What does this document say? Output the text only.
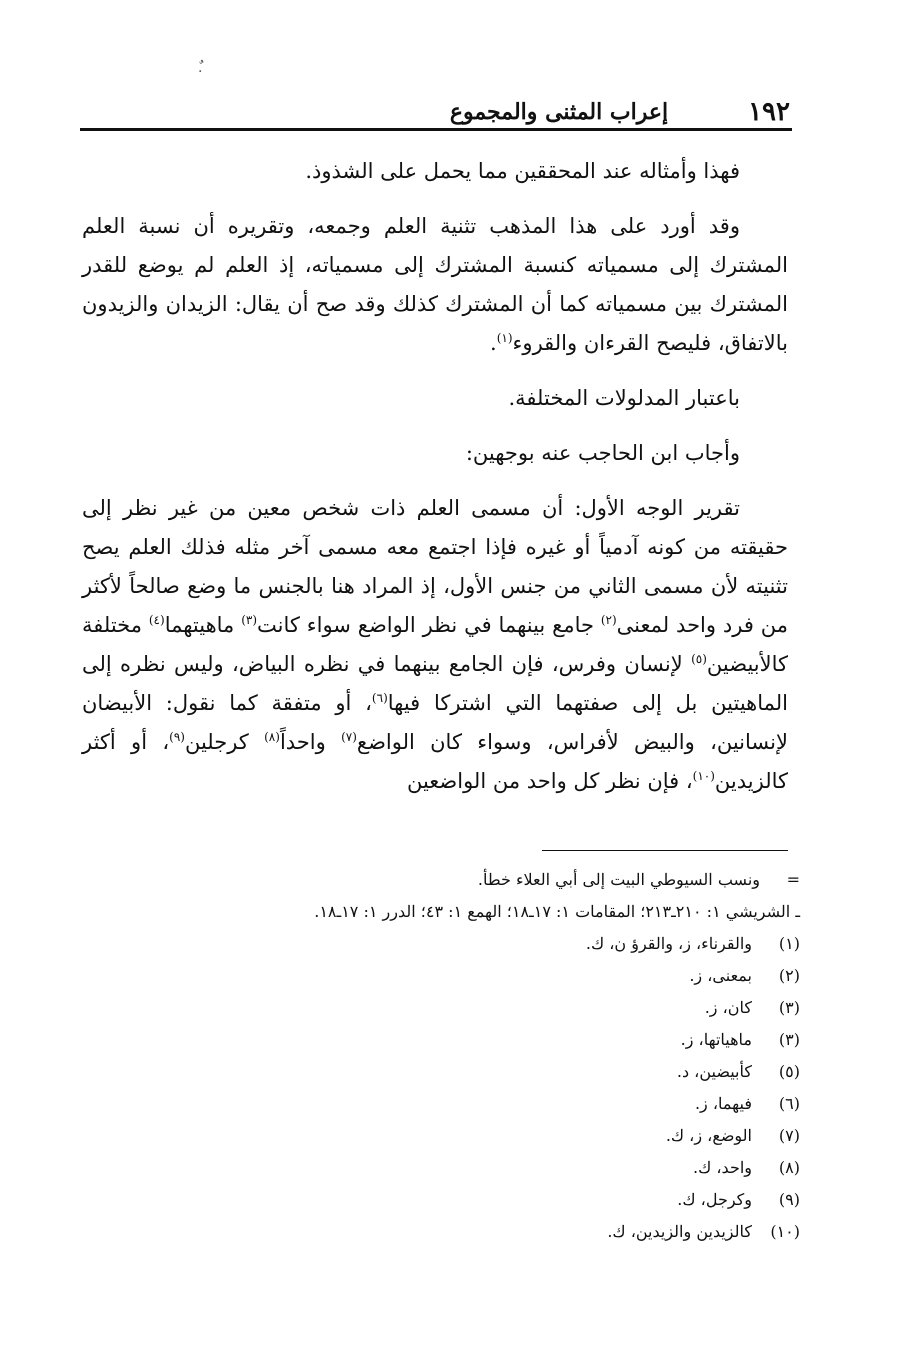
ٌ.
١٩٢
إعراب المثنى والمجموع

فهذا وأمثاله عند المحققين مما يحمل على الشذوذ.

وقد أورد على هذا المذهب تثنية العلم وجمعه، وتقريره أن نسبة العلم المشترك إلى مسمياته كنسبة المشترك إلى مسمياته، إذ العلم لم يوضع للقدر المشترك بين مسمياته كما أن المشترك كذلك وقد صح أن يقال: الزيدان والزيدون بالاتفاق، فليصح القرءان والقروء$^{(١)}$.

باعتبار المدلولات المختلفة.

وأجاب ابن الحاجب عنه بوجهين:

تقرير الوجه الأول: أن مسمى العلم ذات شخص معين من غير نظر إلى حقيقته من كونه آدمياً أو غيره فإذا اجتمع معه مسمى آخر مثله فذلك العلم يصح تثنيته لأن مسمى الثاني من جنس الأول، إذ المراد هنا بالجنس ما وضع صالحاً لأكثر من فرد واحد لمعنى$^{(٢)}$ جامع بينهما في نظر الواضع سواء كانت$^{(٣)}$ ماهيتهما$^{(٤)}$ مختلفة كالأبيضين$^{(٥)}$ لإنسان وفرس، فإن الجامع بينهما في نظره البياض، وليس نظره إلى الماهيتين بل إلى صفتهما التي اشتركا فيها$^{(٦)}$، أو متفقة كما نقول: الأبيضان لإنسانين، والبيض لأفراس، وسواء كان الواضع$^{(٧)}$ واحداً$^{(٨)}$ كرجلين$^{(٩)}$، أو أكثر كالزيدين$^{(١٠)}$، فإن نظر كل واحد من الواضعين

=
ونسب السيوطي البيت إلى أبي العلاء خطأ.
ـ الشريشي ١: ٢١٠ـ٢١٣؛ المقامات ١: ١٧ـ١٨؛ الهمع ١: ٤٣؛ الدرر ١: ١٧ـ١٨.
(١)
والقرناء، ز، والقرؤ ن، ك.
(٢)
بمعنى، ز.
(٣)
كان، ز.
(٣)
ماهياتها، ز.
(٥)
كأبيضين، د.
(٦)
فيهما، ز.
(٧)
الوضع، ز، ك.
(٨)
واحد، ك.
(٩)
وكرجل، ك.
(١٠)
كالزيدين والزيدين، ك.
